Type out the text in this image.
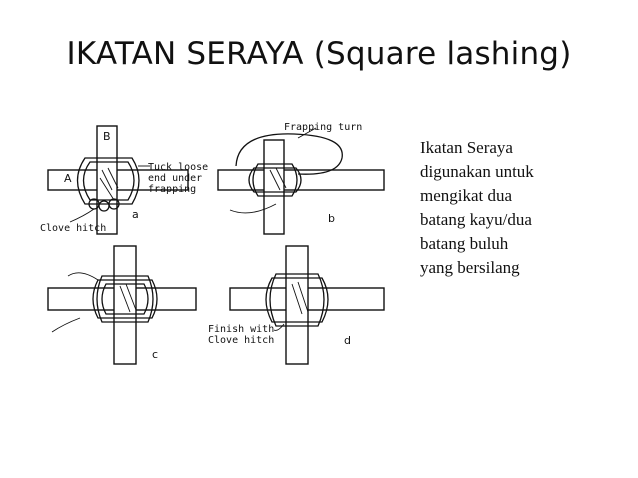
IKATAN SERAYA (Square lashing)
A
B
Tuck loose
end under
frapping
Clove hitch
a
Frapping turn
b
c
Finish with
Clove hitch	d
Ikatan Seraya
digunakan untuk
mengikat dua
batang kayu/dua
batang buluh
yang bersilang
